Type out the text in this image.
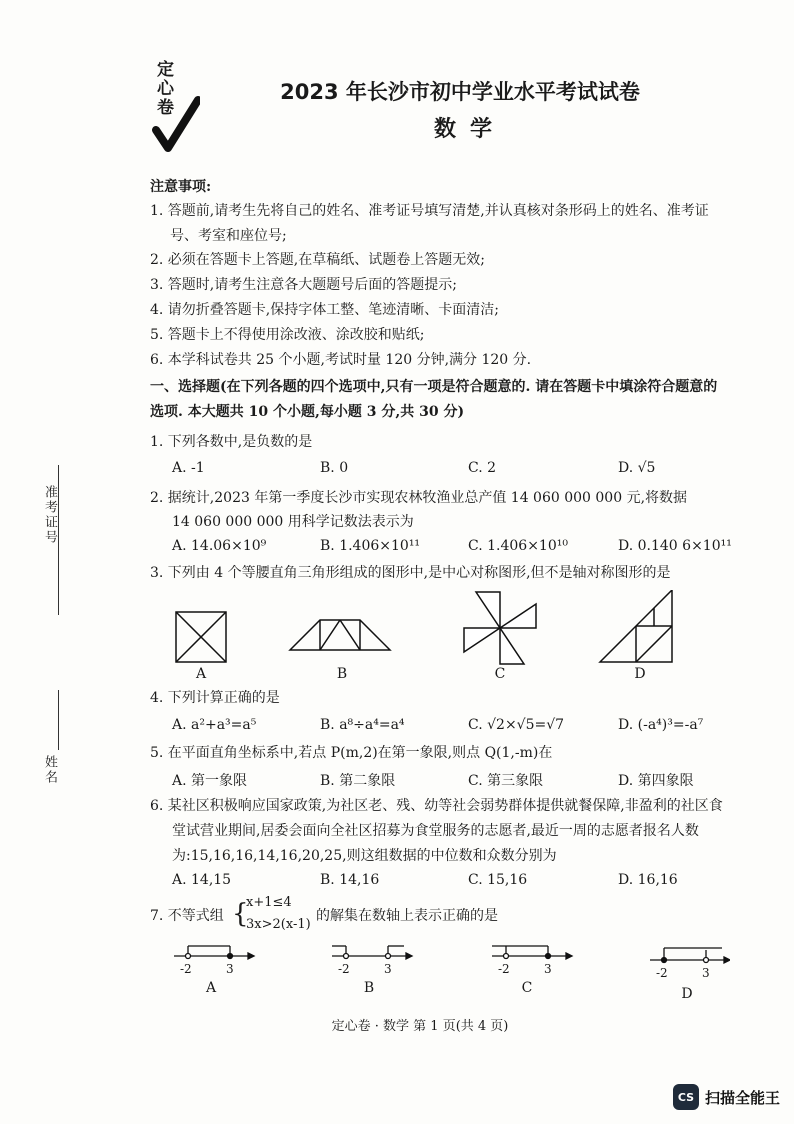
定心卷	2023 年长沙市初中学业水平考试试卷
数学
注意事项:
1. 答题前,请考生先将自己的姓名、准考证号填写清楚,并认真核对条形码上的姓名、准考证
号、考室和座位号;
2. 必须在答题卡上答题,在草稿纸、试题卷上答题无效;
3. 答题时,请考生注意各大题题号后面的答题提示;
4. 请勿折叠答题卡,保持字体工整、笔迹清晰、卡面清洁;
5. 答题卡上不得使用涂改液、涂改胶和贴纸;
6. 本学科试卷共 25 个小题,考试时量 120 分钟,满分 120 分.
一、选择题(在下列各题的四个选项中,只有一项是符合题意的. 请在答题卡中填涂符合题意的
选项. 本大题共 10 个小题,每小题 3 分,共 30 分)
1. 下列各数中,是负数的是
A. -1	B. 0	C. 2	D. √5
2. 据统计,2023 年第一季度长沙市实现农林牧渔业总产值 14 060 000 000 元,将数据
14 060 000 000 用科学记数法表示为
A. 14.06×10⁹	B. 1.406×10¹¹	C. 1.406×10¹⁰	D. 0.140 6×10¹¹
3. 下列由 4 个等腰直角三角形组成的图形中,是中心对称图形,但不是轴对称图形的是
A	B	C	D
4. 下列计算正确的是
A. a²+a³=a⁵	B. a⁸÷a⁴=a⁴	C. √2×√5=√7	D. (-a⁴)³=-a⁷
5. 在平面直角坐标系中,若点 P(m,2)在第一象限,则点 Q(1,-m)在
A. 第一象限	B. 第二象限	C. 第三象限	D. 第四象限
6. 某社区积极响应国家政策,为社区老、残、幼等社会弱势群体提供就餐保障,非盈利的社区食
堂试营业期间,居委会面向全社区招募为食堂服务的志愿者,最近一周的志愿者报名人数
为:15,16,16,14,16,20,25,则这组数据的中位数和众数分别为
A. 14,15	B. 14,16	C. 15,16	D. 16,16
7. 不等式组 {
x+1≤4
3x>2(x-1)
的解集在数轴上表示正确的是
-2	3	-2	3	-2	3	-2	3
A	B	C	D
准考证号
姓名
定心卷 · 数学 第 1 页(共 4 页)
CS 扫描全能王
